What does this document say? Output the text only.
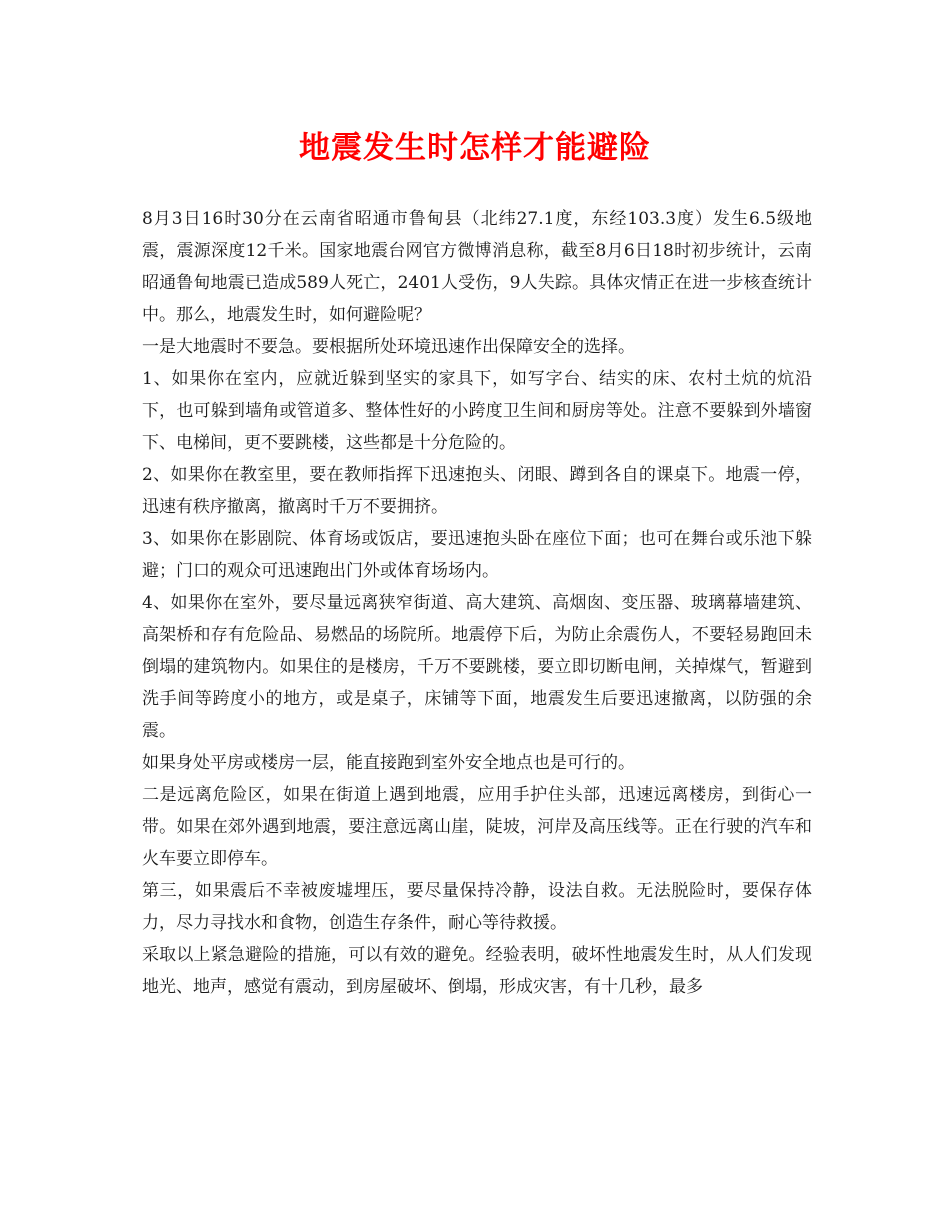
地震发生时怎样才能避险

8月3日16时30分在云南省昭通市鲁甸县（北纬27.1度，东经103.3度）发生6.5级地震，震源深度12千米。国家地震台网官方微博消息称，截至8月6日18时初步统计，云南昭通鲁甸地震已造成589人死亡，2401人受伤，9人失踪。具体灾情正在进一步核查统计中。那么，地震发生时，如何避险呢？

一是大地震时不要急。要根据所处环境迅速作出保障安全的选择。

1、如果你在室内，应就近躲到坚实的家具下，如写字台、结实的床、农村土炕的炕沿下，也可躲到墙角或管道多、整体性好的小跨度卫生间和厨房等处。注意不要躲到外墙窗下、电梯间，更不要跳楼，这些都是十分危险的。

2、如果你在教室里，要在教师指挥下迅速抱头、闭眼、蹲到各自的课桌下。地震一停，迅速有秩序撤离，撤离时千万不要拥挤。

3、如果你在影剧院、体育场或饭店，要迅速抱头卧在座位下面；也可在舞台或乐池下躲避；门口的观众可迅速跑出门外或体育场场内。

4、如果你在室外，要尽量远离狭窄街道、高大建筑、高烟囱、变压器、玻璃幕墙建筑、高架桥和存有危险品、易燃品的场院所。地震停下后，为防止余震伤人，不要轻易跑回未倒塌的建筑物内。如果住的是楼房，千万不要跳楼，要立即切断电闸，关掉煤气，暂避到洗手间等跨度小的地方，或是桌子，床铺等下面，地震发生后要迅速撤离，以防强的余震。

如果身处平房或楼房一层，能直接跑到室外安全地点也是可行的。

二是远离危险区，如果在街道上遇到地震，应用手护住头部，迅速远离楼房，到街心一带。如果在郊外遇到地震，要注意远离山崖，陡坡，河岸及高压线等。正在行驶的汽车和火车要立即停车。

第三，如果震后不幸被废墟埋压，要尽量保持冷静，设法自救。无法脱险时，要保存体力，尽力寻找水和食物，创造生存条件，耐心等待救援。

采取以上紧急避险的措施，可以有效的避免。经验表明，破坏性地震发生时，从人们发现地光、地声，感觉有震动，到房屋破坏、倒塌，形成灾害，有十几秒，最多
